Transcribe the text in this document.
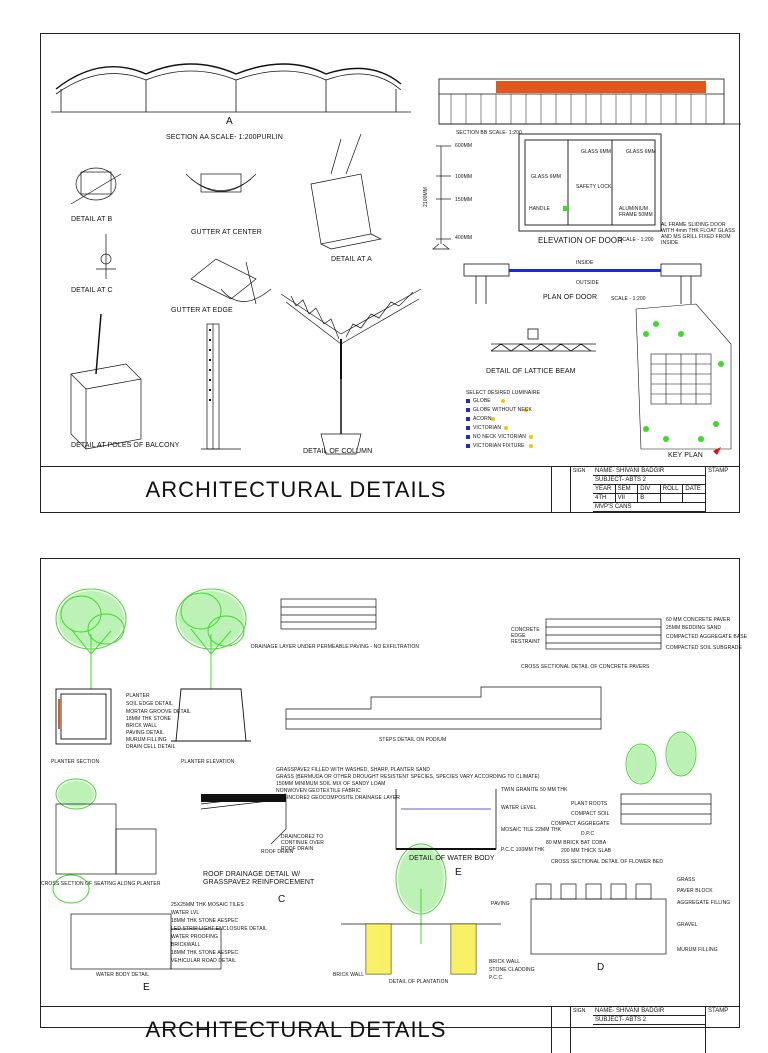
A
SECTION AA SCALE- 1:200PURLIN
SECTION BB SCALE- 1:200
DETAIL AT B
GUTTER AT CENTER
DETAIL AT A
DETAIL AT C
GUTTER AT EDGE
DETAIL AT POLES OF BALCONY
DETAIL OF COLUMN
DETAIL OF LATTICE BEAM
600MM
100MM
150MM
400MM
2100MM
GLASS 6MM
GLASS 6MM	GLASS 6MM
SAFETY LOCK
HANDLE	ALUMINIUM FRAME 50MM
ELEVATION OF DOOR
SCALE - 1:200
AL FRAME SLIDING DOOR WITH 4mm THK FLOAT GLASS AND MS GRILL FIXED FROM INSIDE.
INSIDE
OUTSIDE
PLAN OF DOOR	SCALE - 1:200
SELECT DESIRED LUMINAIRE
GLOBE
GLOBE WITHOUT NECK
ACORN
VICTORIAN
NO NECK VICTORIAN
VICTORIAN FIXTURE
KEY PLAN
ARCHITECTURAL DETAILS
SIGN	NAME- SHIVANI BADGIR
SUBJECT- ABTS 2
YEAR	SEM	DIV	ROLL	DATE
4TH	VII	B
MVP'S CANS
STAMP
DRAINAGE LAYER UNDER PERMEABLE PAVING - NO EXFILTRATION
CROSS SECTIONAL DETAIL OF CONCRETE PAVERS
60 MM CONCRETE PAVER
25MM BEDDING SAND
COMPACTED AGGREGATE BASE
COMPACTED SOIL SUBGRADE
CONCRETE EDGE RESTRAINT
PLANTER
SOIL EDGE DETAIL
MORTAR GROOVE DETAIL
18MM THK STONE
BRICK WALL
PAVING DETAIL
MURUM FILLING
DRAIN CELL DETAIL
PLANTER SECTION	PLANTER ELEVATION
STEPS DETAIL ON PODIUM
GRASSPAVE2 FILLED WITH WASHED, SHARP, PLANTER SAND
GRASS (BERMUDA OR OTHER DROUGHT RESISTENT SPECIES, SPECIES VARY ACCORDING TO CLIMATE)
150MM MINIMUM SOIL MIX OF SANDY LOAM
NONWOVEN GEOTEXTILE FABRIC
DRAINCORE2 GEOCOMPOSITE DRAINAGE LAYER
DRAINCORE2 TO CONTINUE OVER ROOF DRAIN
ROOF DRAIN
ROOF DRAINAGE DETAIL W/ GRASSPAVE2 REINFORCEMENT
C
CROSS SECTION OF SEATING ALONG PLANTER
TWIN GRANITE 50 MM THK
WATER LEVEL
MOSAIC TILE 22MM THK
P.C.C 100MM THK
DETAIL OF WATER BODY
E
PLANT ROOTS
COMPACT SOIL
COMPACT AGGREGATE
D.P.C
80 MM BRICK BAT COBA
200 MM THICK SLAB
CROSS SECTIONAL DETAIL OF FLOWER BED
25X25MM THK MOSAIC TILES
WATER LVL
18MM THK STONE AESPEC
LED STRIP LIGHT ENCLOSURE DETAIL
WATER PROOFING
BRICKWALL
18MM THK STONE AESPEC
VEHICULAR ROAD DETAIL
WATER BODY DETAIL
E
BRICK WALL
DETAIL OF PLANTATION
PAVING
BRICK WALL
STONE CLADDING
P.C.C.
GRASS
PAVER BLOCK
AGGREGATE FILLING
GRAVEL
MURUM FILLING
D
ARCHITECTURAL DETAILS
SIGN	NAME- SHIVANI BADGIR
SUBJECT- ABTS 2
STAMP
